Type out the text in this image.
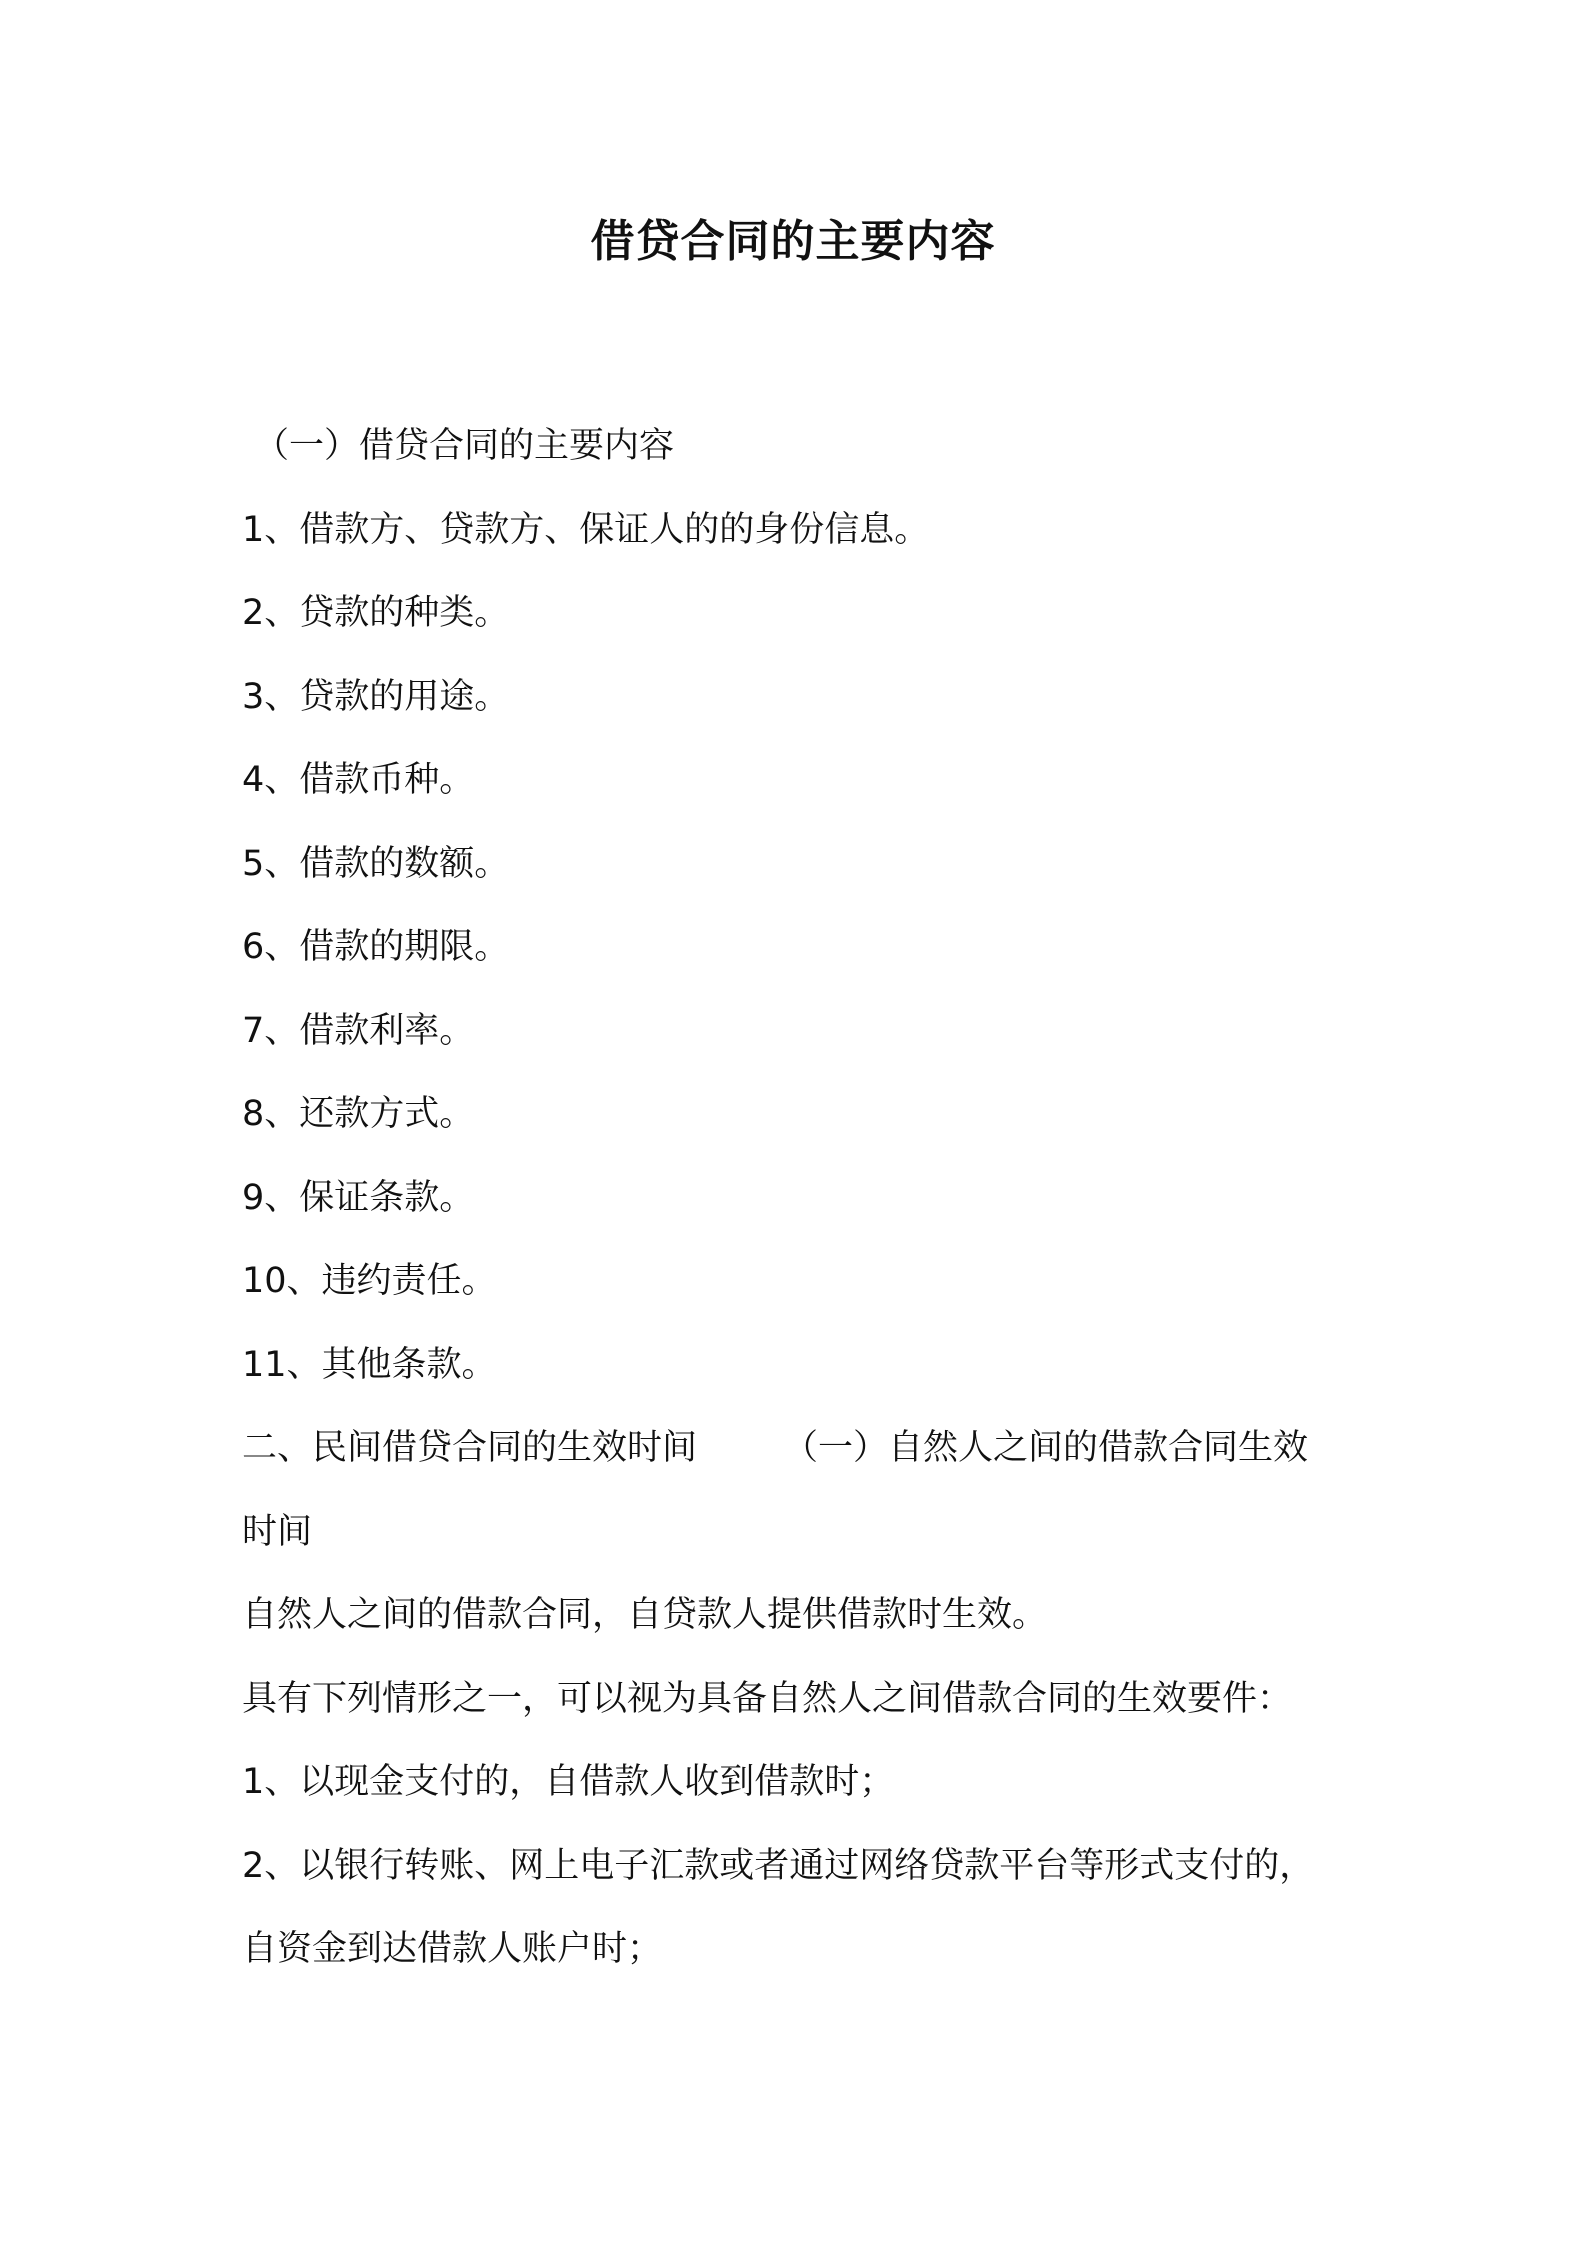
借贷合同的主要内容
（一）借贷合同的主要内容
1、借款方、贷款方、保证人的的身份信息。
2、贷款的种类。
3、贷款的用途。
4、借款币种。
5、借款的数额。
6、借款的期限。
7、借款利率。
8、还款方式。
9、保证条款。
10、违约责任。
11、其他条款。
二、民间借贷合同的生效时间 （一）自然人之间的借款合同生效
时间
自然人之间的借款合同，自贷款人提供借款时生效。
具有下列情形之一，可以视为具备自然人之间借款合同的生效要件：
1、以现金支付的，自借款人收到借款时；
2、以银行转账、网上电子汇款或者通过网络贷款平台等形式支付的，
自资金到达借款人账户时；
